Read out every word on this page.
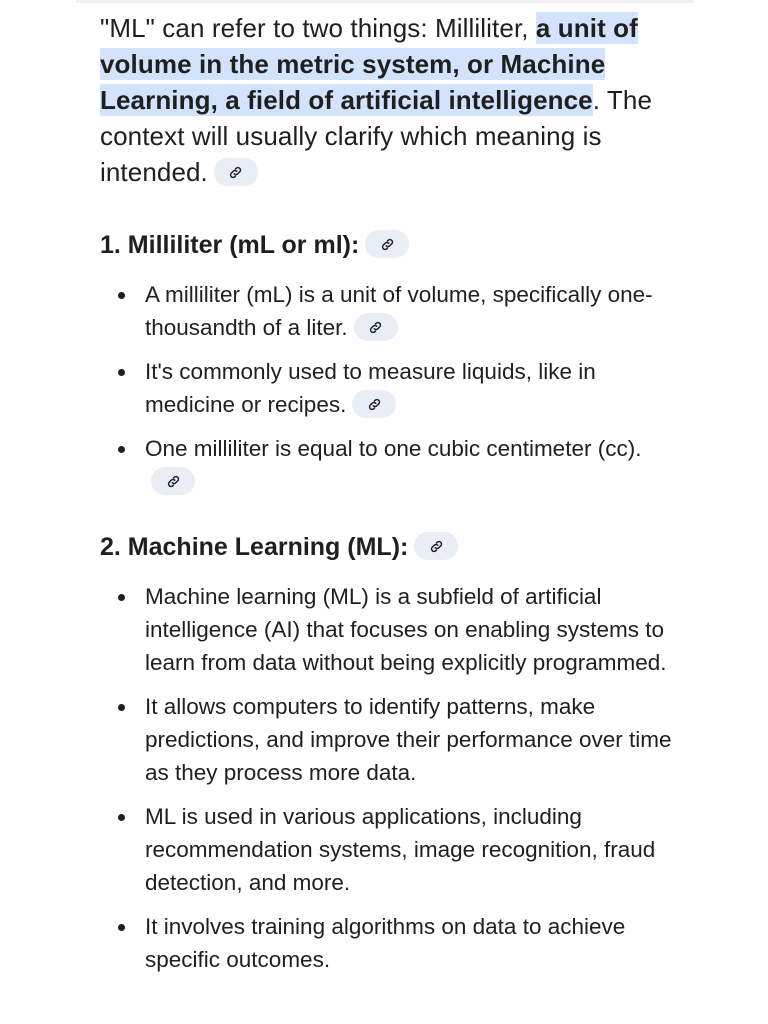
"ML" can refer to two things: Milliliter, a unit of volume in the metric system, or Machine Learning, a field of artificial intelligence. The context will usually clarify which meaning is intended.

1. Milliliter (mL or ml):
A milliliter (mL) is a unit of volume, specifically one-thousandth of a liter.
It's commonly used to measure liquids, like in medicine or recipes.
One milliliter is equal to one cubic centimeter (cc).
2. Machine Learning (ML):
Machine learning (ML) is a subfield of artificial intelligence (AI) that focuses on enabling systems to learn from data without being explicitly programmed.
It allows computers to identify patterns, make predictions, and improve their performance over time as they process more data.
ML is used in various applications, including recommendation systems, image recognition, fraud detection, and more.
It involves training algorithms on data to achieve specific outcomes.
